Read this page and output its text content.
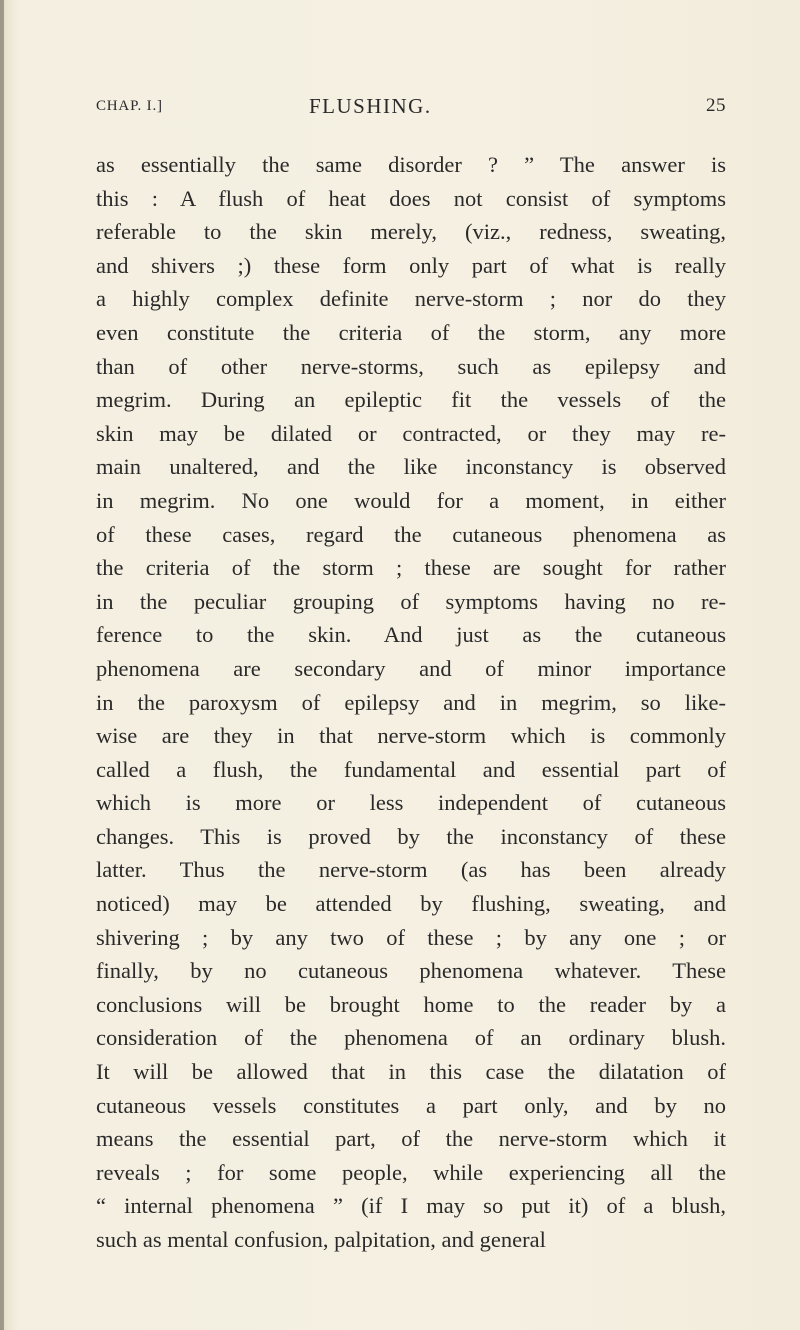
CHAP. I.]	FLUSHING.	25
as essentially the same disorder ? ” The answer is
this : A flush of heat does not consist of symptoms
referable to the skin merely, (viz., redness, sweating,
and shivers ;) these form only part of what is really
a highly complex definite nerve-storm ; nor do they
even constitute the criteria of the storm, any more
than of other nerve-storms, such as epilepsy and
megrim. During an epileptic fit the vessels of the
skin may be dilated or contracted, or they may re-
main unaltered, and the like inconstancy is observed
in megrim. No one would for a moment, in either
of these cases, regard the cutaneous phenomena as
the criteria of the storm ; these are sought for rather
in the peculiar grouping of symptoms having no re-
ference to the skin. And just as the cutaneous
phenomena are secondary and of minor importance
in the paroxysm of epilepsy and in megrim, so like-
wise are they in that nerve-storm which is commonly
called a flush, the fundamental and essential part of
which is more or less independent of cutaneous
changes. This is proved by the inconstancy of these
latter. Thus the nerve-storm (as has been already
noticed) may be attended by flushing, sweating, and
shivering ; by any two of these ; by any one ; or
finally, by no cutaneous phenomena whatever. These
conclusions will be brought home to the reader by a
consideration of the phenomena of an ordinary blush.
It will be allowed that in this case the dilatation of
cutaneous vessels constitutes a part only, and by no
means the essential part, of the nerve-storm which it
reveals ; for some people, while experiencing all the
“ internal phenomena ” (if I may so put it) of a blush,
such as mental confusion, palpitation, and general
